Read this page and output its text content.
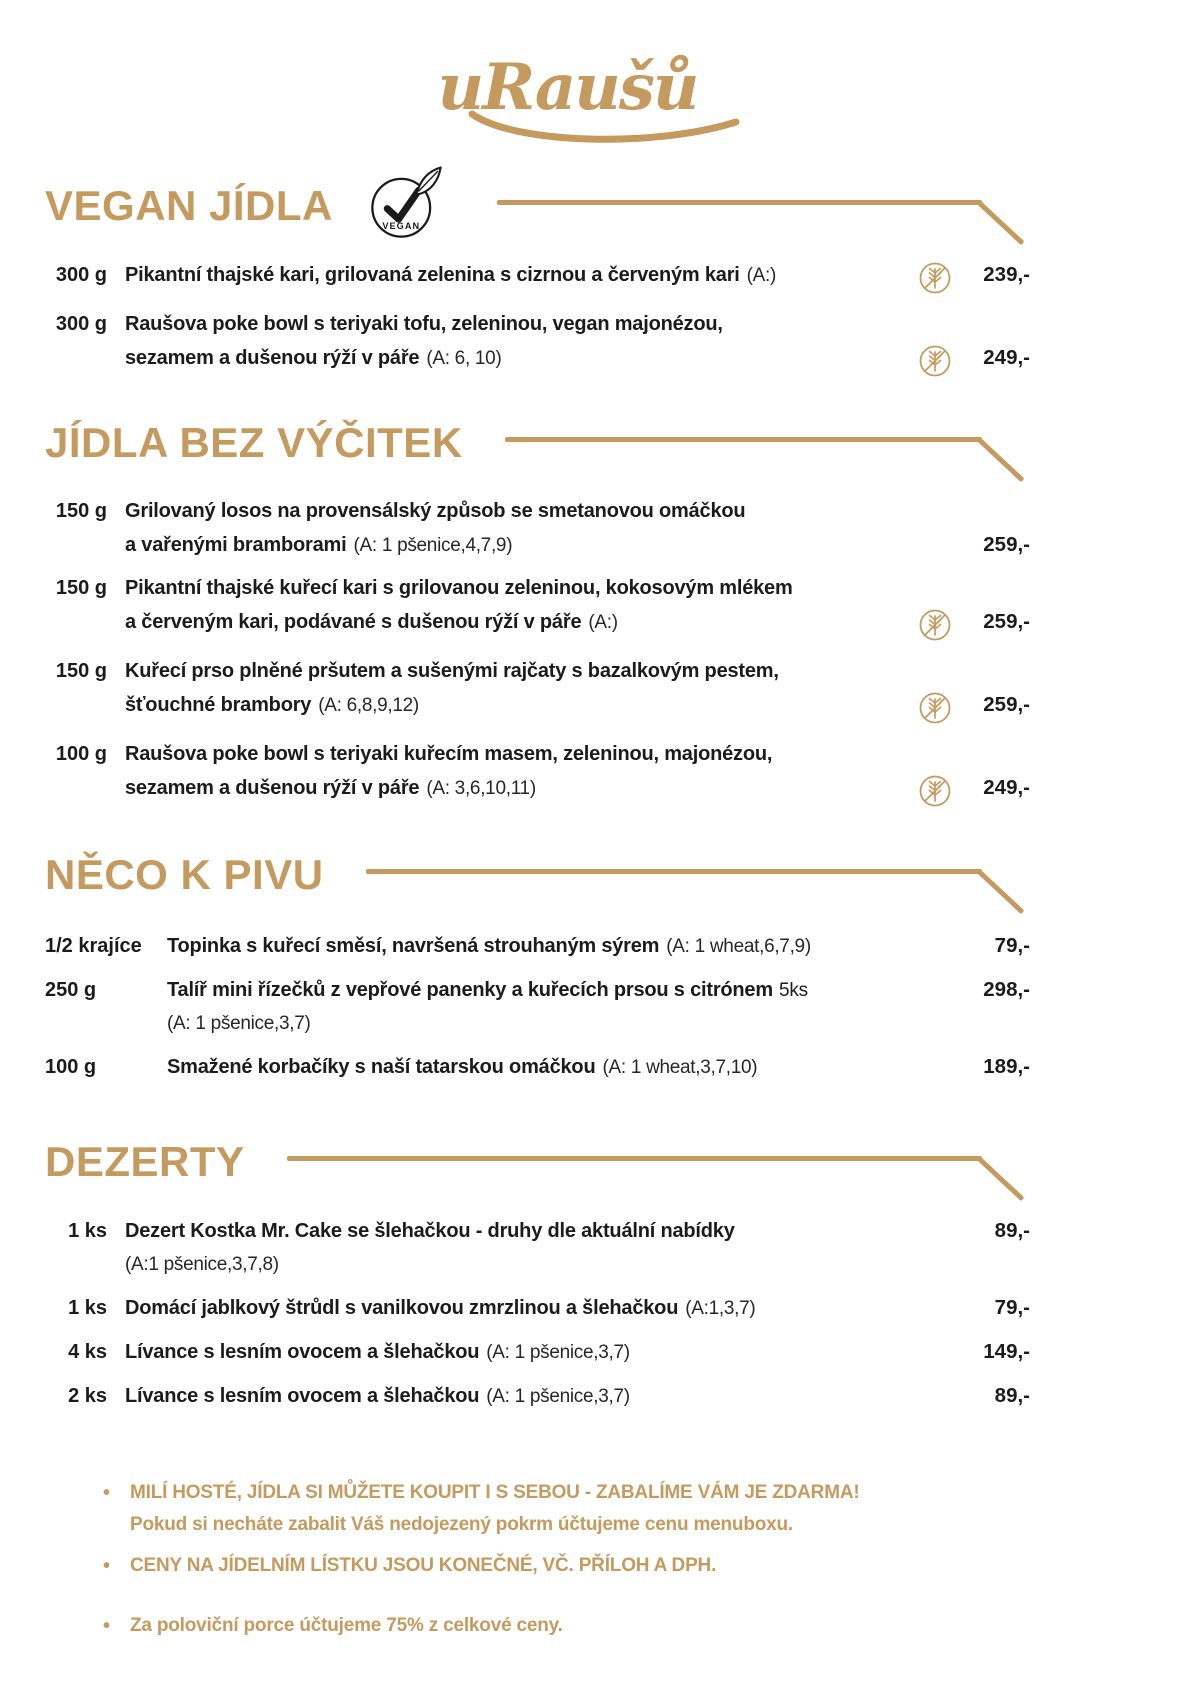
uRaušů
VEGAN JÍDLA	VEGAN
300 g Pikantní thajské kari, grilovaná zelenina s cizrnou a červeným kari (A:)	239,-
300 g Raušova poke bowl s teriyaki tofu, zeleninou, vegan majonézou,
sezamem a dušenou rýží v páře (A: 6, 10)	249,-
JÍDLA BEZ VÝČITEK
150 g Grilovaný losos na provensálský způsob se smetanovou omáčkou
a vařenými bramborami (A: 1 pšenice,4,7,9)	259,-
150 g Pikantní thajské kuřecí kari s grilovanou zeleninou, kokosovým mlékem
a červeným kari, podávané s dušenou rýží v páře (A:)	259,-
150 g Kuřecí prso plněné pršutem a sušenými rajčaty s bazalkovým pestem,
šťouchné brambory (A: 6,8,9,12)	259,-
100 g Raušova poke bowl s teriyaki kuřecím masem, zeleninou, majonézou,
sezamem a dušenou rýží v páře (A: 3,6,10,11)	249,-
NĚCO K PIVU
1/2 krajíce	Topinka s kuřecí směsí, navršená strouhaným sýrem (A: 1 wheat,6,7,9)	79,-
250 g	Talíř mini řízečků z vepřové panenky a kuřecích prsou s citrónem 5ks	298,-
(A: 1 pšenice,3,7)
100 g	Smažené korbačíky s naší tatarskou omáčkou (A: 1 wheat,3,7,10)	189,-
DEZERTY
1 ks Dezert Kostka Mr. Cake se šlehačkou - druhy dle aktuální nabídky	89,-
(A:1 pšenice,3,7,8)
1 ks Domácí jablkový štrůdl s vanilkovou zmrzlinou a šlehačkou (A:1,3,7)	79,-
4 ks Lívance s lesním ovocem a šlehačkou (A: 1 pšenice,3,7)	149,-
2 ks Lívance s lesním ovocem a šlehačkou (A: 1 pšenice,3,7)	89,-
•	MILÍ HOSTÉ, JÍDLA SI MŮŽETE KOUPIT I S SEBOU - ZABALÍME VÁM JE ZDARMA!
Pokud si necháte zabalit Váš nedojezený pokrm účtujeme cenu menuboxu.
•	CENY NA JÍDELNÍM LÍSTKU JSOU KONEČNÉ, VČ. PŘÍLOH A DPH.
•	Za poloviční porce účtujeme 75% z celkové ceny.
